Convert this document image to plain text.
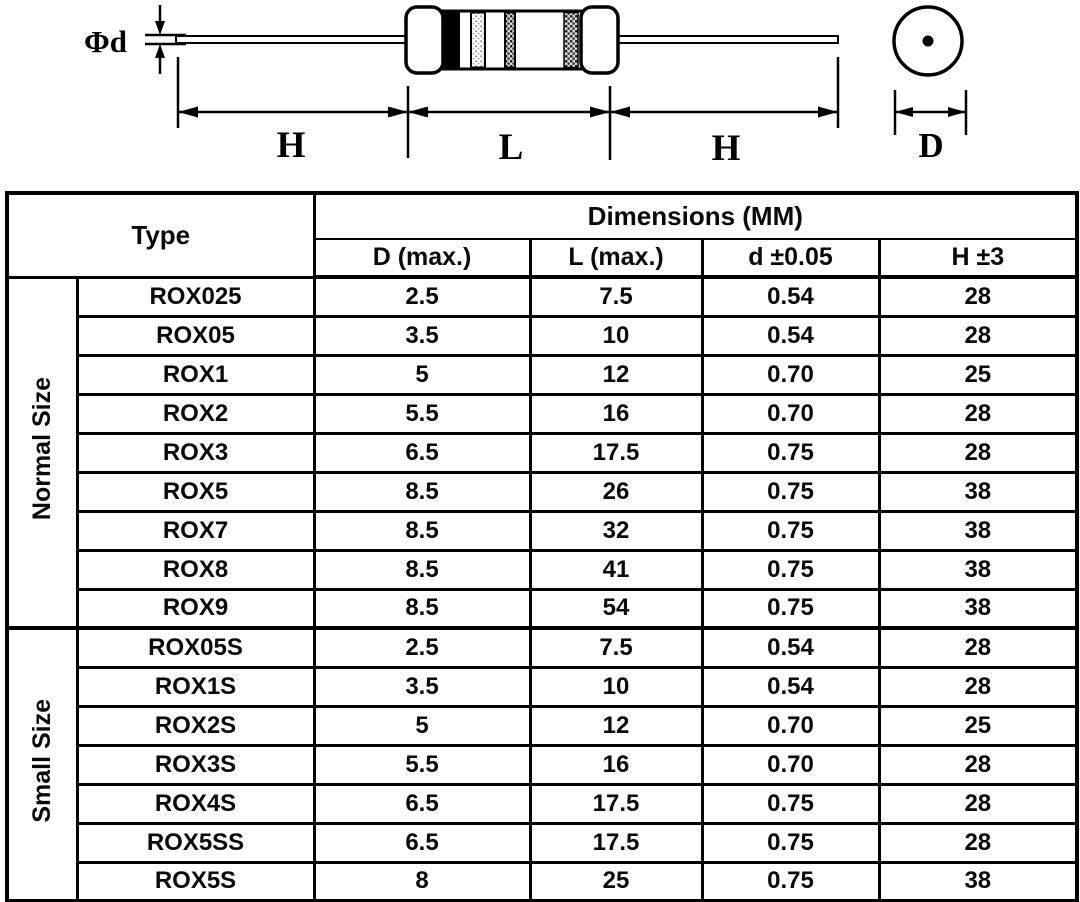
Φd
H	L	H	D
Type		Dimensions (MM)			
		D (max.)	L (max.)	d ±0.05	H ±3
Normal Size	ROX025	2.5	7.5	0.54	28
	ROX05	3.5	10	0.54	28
	ROX1	5	12	0.70	25
	ROX2	5.5	16	0.70	28
	ROX3	6.5	17.5	0.75	28
	ROX5	8.5	26	0.75	38
	ROX7	8.5	32	0.75	38
	ROX8	8.5	41	0.75	38
	ROX9	8.5	54	0.75	38
Small Size	ROX05S	2.5	7.5	0.54	28
	ROX1S	3.5	10	0.54	28
	ROX2S	5	12	0.70	25
	ROX3S	5.5	16	0.70	28
	ROX4S	6.5	17.5	0.75	28
	ROX5SS	6.5	17.5	0.75	28
	ROX5S	8	25	0.75	38
